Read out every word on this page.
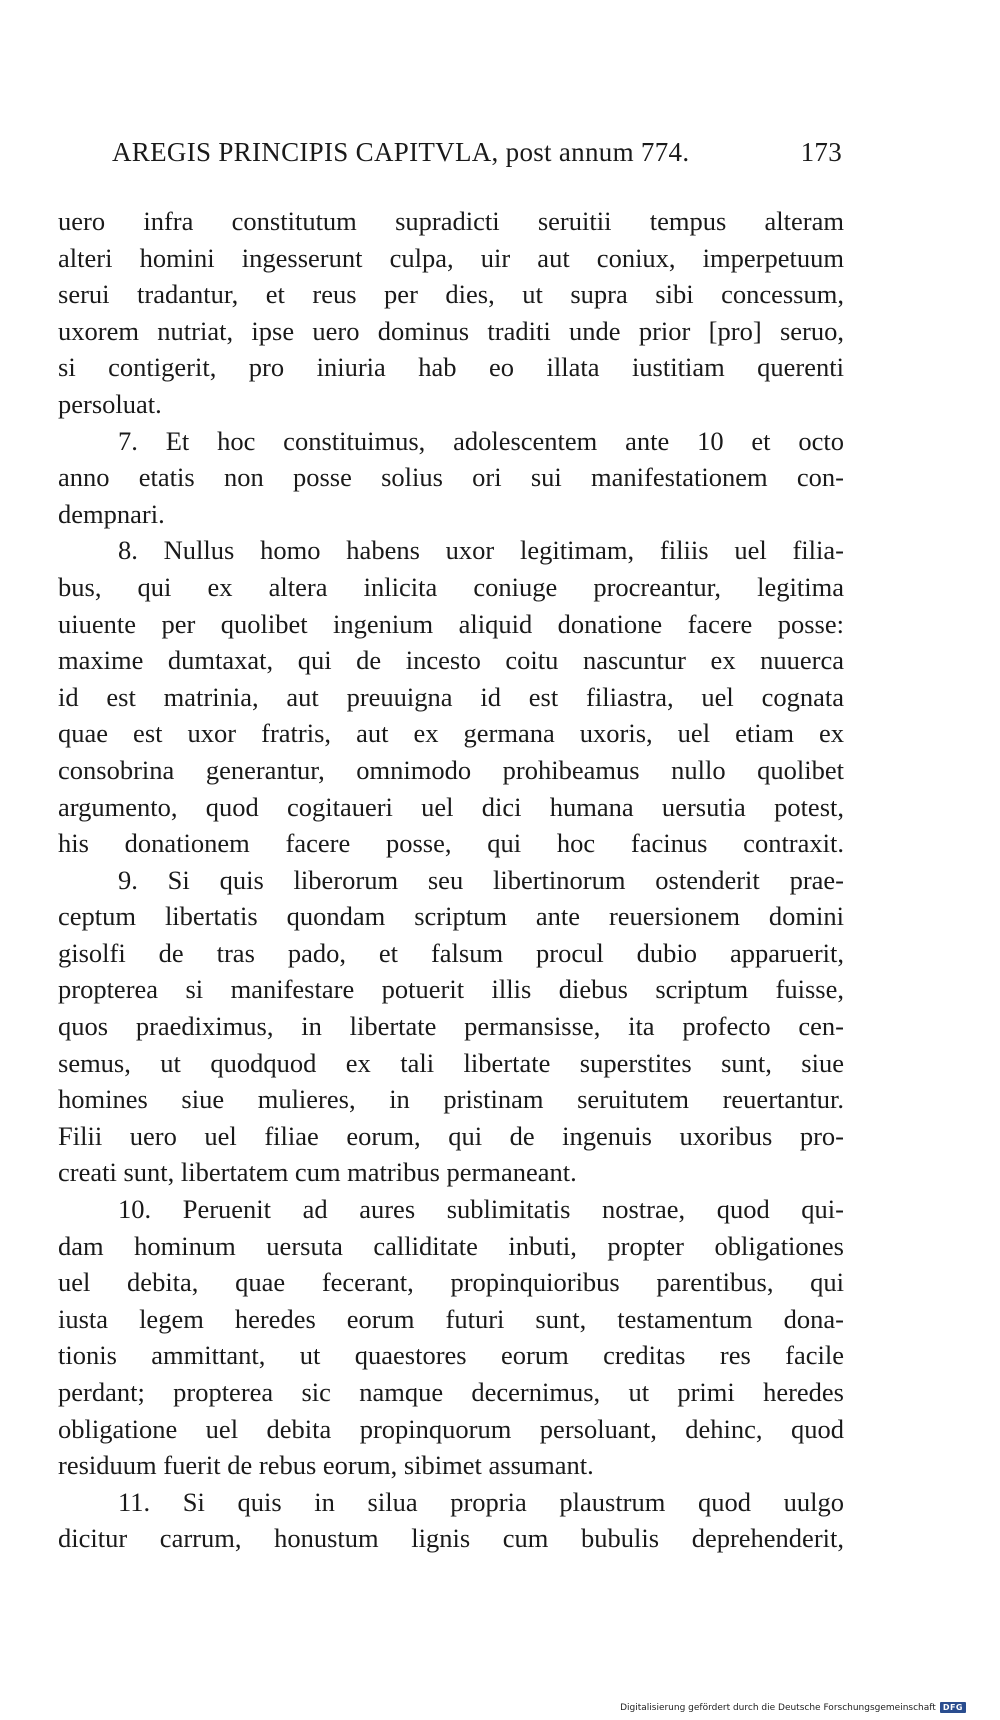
AREGIS PRINCIPIS CAPITVLA, post annum 774.	173
uero infra constitutum supradicti seruitii tempus alteram
alteri homini ingesserunt culpa, uir aut coniux, imperpetuum
serui tradantur, et reus per dies, ut supra sibi concessum,
uxorem nutriat, ipse uero dominus traditi unde prior [pro] seruo,
si contigerit, pro iniuria hab eo illata iustitiam querenti
persoluat.
7. Et hoc constituimus, adolescentem ante 10 et octo
anno etatis non posse solius ori sui manifestationem con-
dempnari.
8. Nullus homo habens uxor legitimam, filiis uel filia-
bus, qui ex altera inlicita coniuge procreantur, legitima
uiuente per quolibet ingenium aliquid donatione facere posse:
maxime dumtaxat, qui de incesto coitu nascuntur ex nuuerca
id est matrinia, aut preuuigna id est filiastra, uel cognata
quae est uxor fratris, aut ex germana uxoris, uel etiam ex
consobrina generantur, omnimodo prohibeamus nullo quolibet
argumento, quod cogitaueri uel dici humana uersutia potest,
his donationem facere posse, qui hoc facinus contraxit.
9. Si quis liberorum seu libertinorum ostenderit prae-
ceptum libertatis quondam scriptum ante reuersionem domini
gisolfi de tras pado, et falsum procul dubio apparuerit,
propterea si manifestare potuerit illis diebus scriptum fuisse,
quos praediximus, in libertate permansisse, ita profecto cen-
semus, ut quodquod ex tali libertate superstites sunt, siue
homines siue mulieres, in pristinam seruitutem reuertantur.
Filii uero uel filiae eorum, qui de ingenuis uxoribus pro-
creati sunt, libertatem cum matribus permaneant.
10. Peruenit ad aures sublimitatis nostrae, quod qui-
dam hominum uersuta calliditate inbuti, propter obligationes
uel debita, quae fecerant, propinquioribus parentibus, qui
iusta legem heredes eorum futuri sunt, testamentum dona-
tionis ammittant, ut quaestores eorum creditas res facile
perdant; propterea sic namque decernimus, ut primi heredes
obligatione uel debita propinquorum persoluant, dehinc, quod
residuum fuerit de rebus eorum, sibimet assumant.
11. Si quis in silua propria plaustrum quod uulgo
dicitur carrum, honustum lignis cum bubulis deprehenderit,
Digitalisierung gefördert durch die Deutsche Forschungsgemeinschaft DFG
